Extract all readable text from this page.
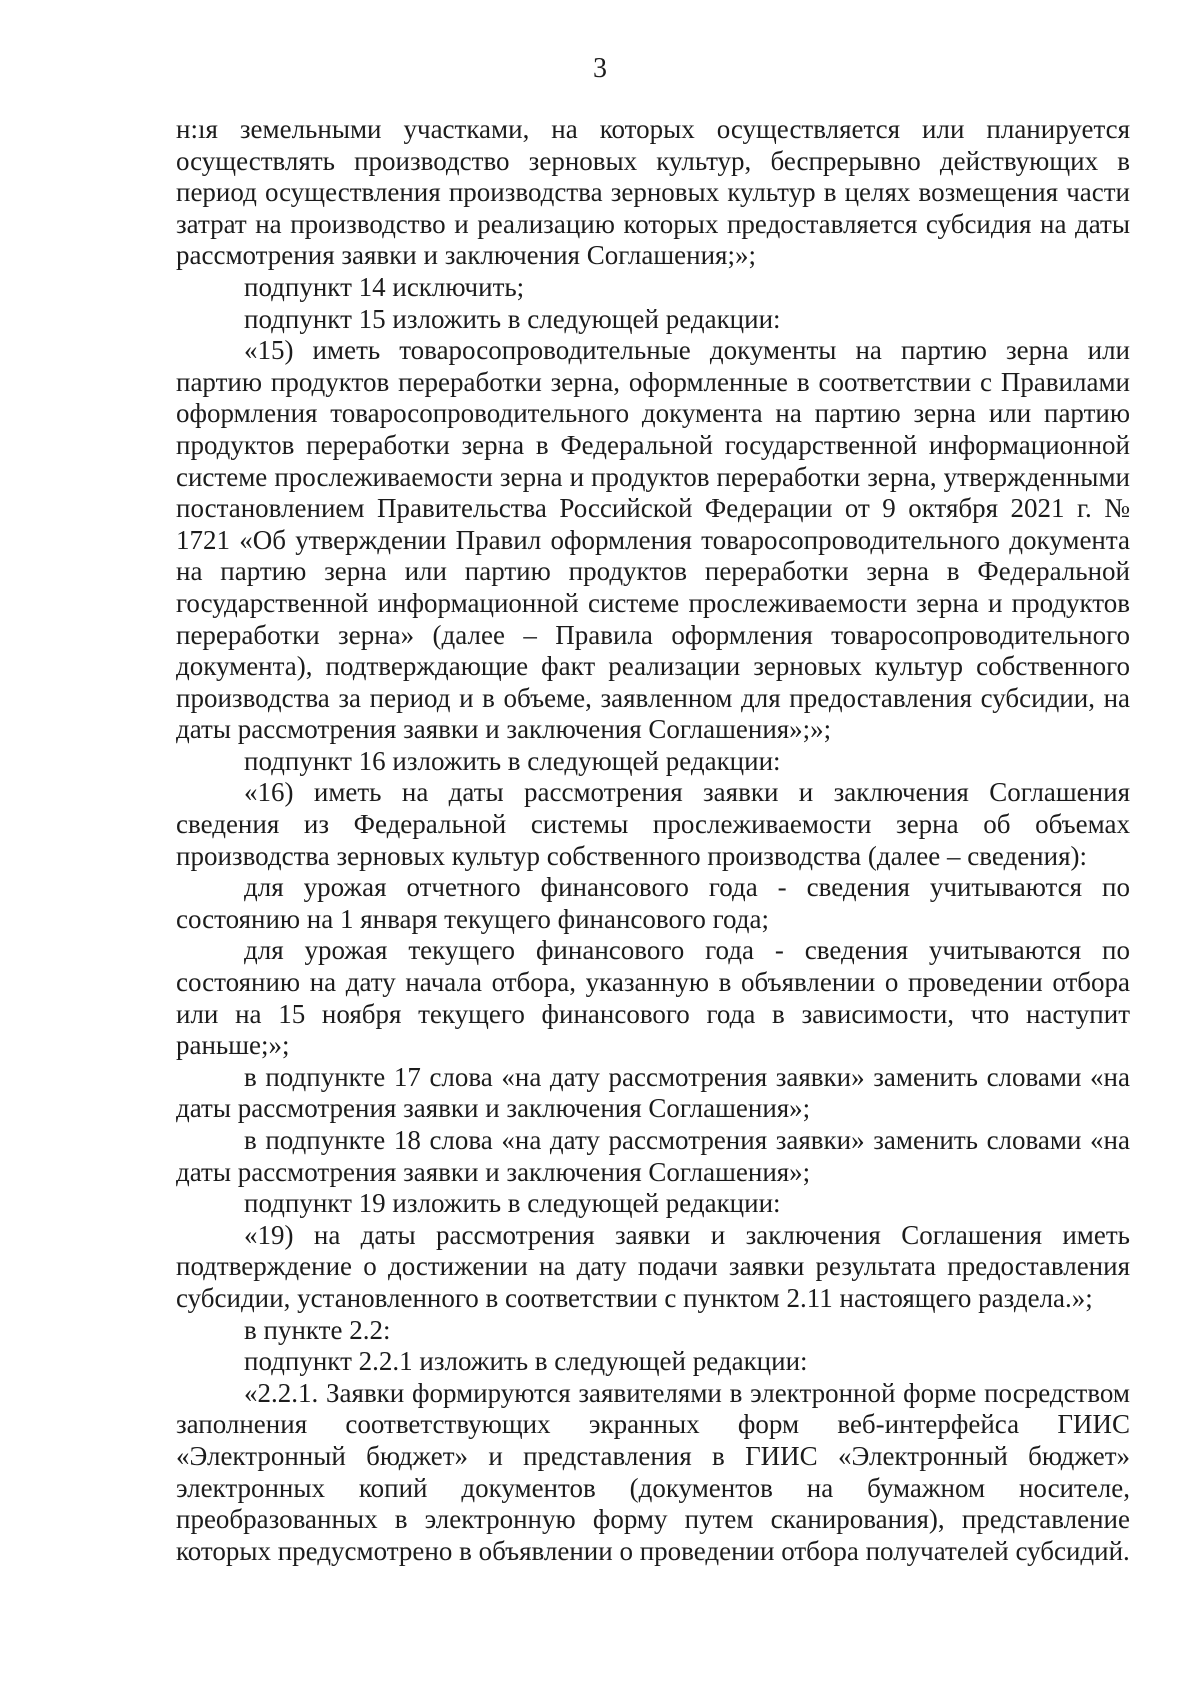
3

н:ıя земельными участками, на которых осуществляется или планируется осуществлять производство зерновых культур, беспрерывно действующих в период осуществления производства зерновых культур в целях возмещения части затрат на производство и реализацию которых предоставляется субсидия на даты рассмотрения заявки и заключения Соглашения;»;

подпункт 14 исключить;

подпункт 15 изложить в следующей редакции:

«15) иметь товаросопроводительные документы на партию зерна или партию продуктов переработки зерна, оформленные в соответствии с Правилами оформления товаросопроводительного документа на партию зерна или партию продуктов переработки зерна в Федеральной государственной информационной системе прослеживаемости зерна и продуктов переработки зерна, утвержденными постановлением Правительства Российской Федерации от 9 октября 2021 г. № 1721 «Об утверждении Правил оформления товаросопроводительного документа на партию зерна или партию продуктов переработки зерна в Федеральной государственной информационной системе прослеживаемости зерна и продуктов переработки зерна» (далее – Правила оформления товаросопроводительного документа), подтверждающие факт реализации зерновых культур собственного производства за период и в объеме, заявленном для предоставления субсидии, на даты рассмотрения заявки и заключения Соглашения»;»;

подпункт 16 изложить в следующей редакции:

«16) иметь на даты рассмотрения заявки и заключения Соглашения сведения из Федеральной системы прослеживаемости зерна об объемах производства зерновых культур собственного производства (далее – сведения):

для урожая отчетного финансового года - сведения учитываются по состоянию на 1 января текущего финансового года;

для урожая текущего финансового года - сведения учитываются по состоянию на дату начала отбора, указанную в объявлении о проведении отбора или на 15 ноября текущего финансового года в зависимости, что наступит раньше;»;

в подпункте 17 слова «на дату рассмотрения заявки» заменить словами «на даты рассмотрения заявки и заключения Соглашения»;

в подпункте 18 слова «на дату рассмотрения заявки» заменить словами «на даты рассмотрения заявки и заключения Соглашения»;

подпункт 19 изложить в следующей редакции:

«19) на даты рассмотрения заявки и заключения Соглашения иметь подтверждение о достижении на дату подачи заявки результата предоставления субсидии, установленного в соответствии с пунктом 2.11 настоящего раздела.»;

в пункте 2.2:

подпункт 2.2.1 изложить в следующей редакции:

«2.2.1. Заявки формируются заявителями в электронной форме посредством заполнения соответствующих экранных форм веб-интерфейса ГИИС «Электронный бюджет» и представления в ГИИС «Электронный бюджет» электронных копий документов (документов на бумажном носителе, преобразованных в электронную форму путем сканирования), представление которых предусмотрено в объявлении о проведении отбора получателей субсидий.
